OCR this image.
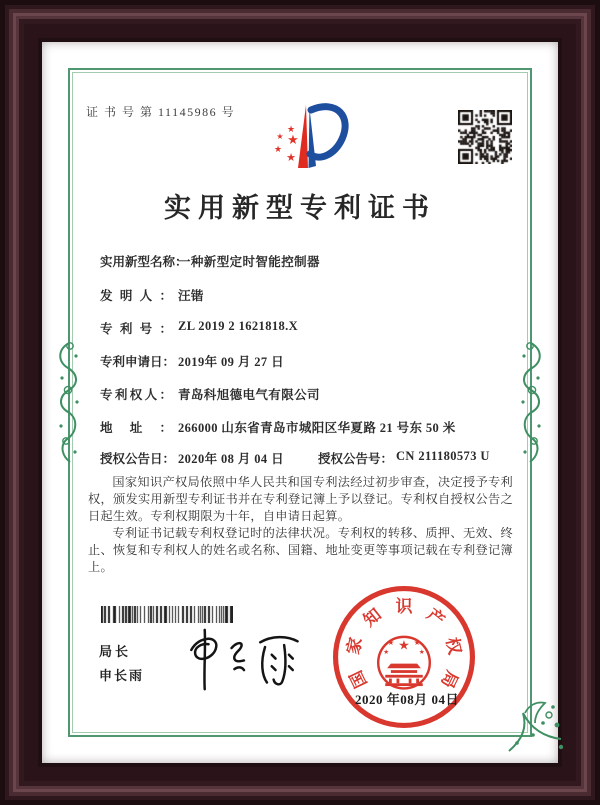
证 书 号 第 11145986 号
★
★ ★
★
★
实用新型专利证书
实用新型名称：一种新型定时智能控制器
发明人： 汪锴
专利号： ZL 2019 2 1621818.X
专利申请日： 2019年 09 月 27 日
专利权人： 青岛科旭德电气有限公司
地址： 266000 山东省青岛市城阳区华夏路 21 号东 50 米
授权公告日： 2020年 08 月 04 日	授权公告号： CN 211180573 U

国家知识产权局依照中华人民共和国专利法经过初步审查，决定授予专利权，颁发实用新型专利证书并在专利登记簿上予以登记。专利权自授权公告之日起生效。专利权期限为十年，自申请日起算。

专利证书记载专利权登记时的法律状况。专利权的转移、质押、无效、终止、恢复和专利权人的姓名或名称、国籍、地址变更等事项记载在专利登记簿上。

局长
申长雨	国
家
知 识 产
权
局
★
★ ★
★	★
2020 年08月 04日
